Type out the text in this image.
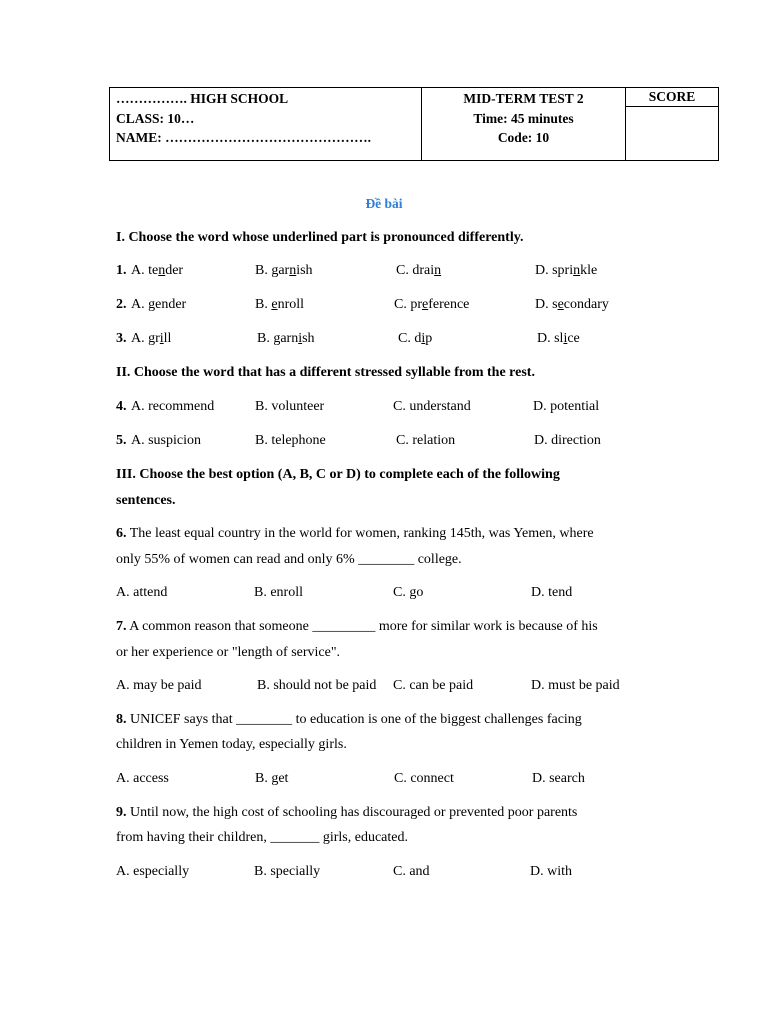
……………. HIGH SCHOOL
CLASS: 10…
NAME: ……………………………………….

MID-TERM TEST 2
Time: 45 minutes
Code: 10

SCORE
Đề bài
I. Choose the word whose underlined part is pronounced differently.
1. A. tender	B. garnish	C. drain	D. sprinkle
2. A. gender	B. enroll	C. preference	D. secondary
3. A. grill	B. garnish	C. dip	D. slice
II. Choose the word that has a different stressed syllable from the rest.
4. A. recommend	B. volunteer	C. understand	D. potential
5. A. suspicion	B. telephone	C. relation	D. direction
III. Choose the best option (A, B, C or D) to complete each of the following
sentences.
6. The least equal country in the world for women, ranking 145th, was Yemen, where
only 55% of women can read and only 6% ________ college.
A. attend	B. enroll	C. go	D. tend
7. A common reason that someone _________ more for similar work is because of his
or her experience or "length of service".
A. may be paid	B. should not be paid C. can be paid	D. must be paid
8. UNICEF says that ________ to education is one of the biggest challenges facing
children in Yemen today, especially girls.
A. access	B. get	C. connect	D. search
9. Until now, the high cost of schooling has discouraged or prevented poor parents
from having their children, _______ girls, educated.
A. especially	B. specially	C. and	D. with
